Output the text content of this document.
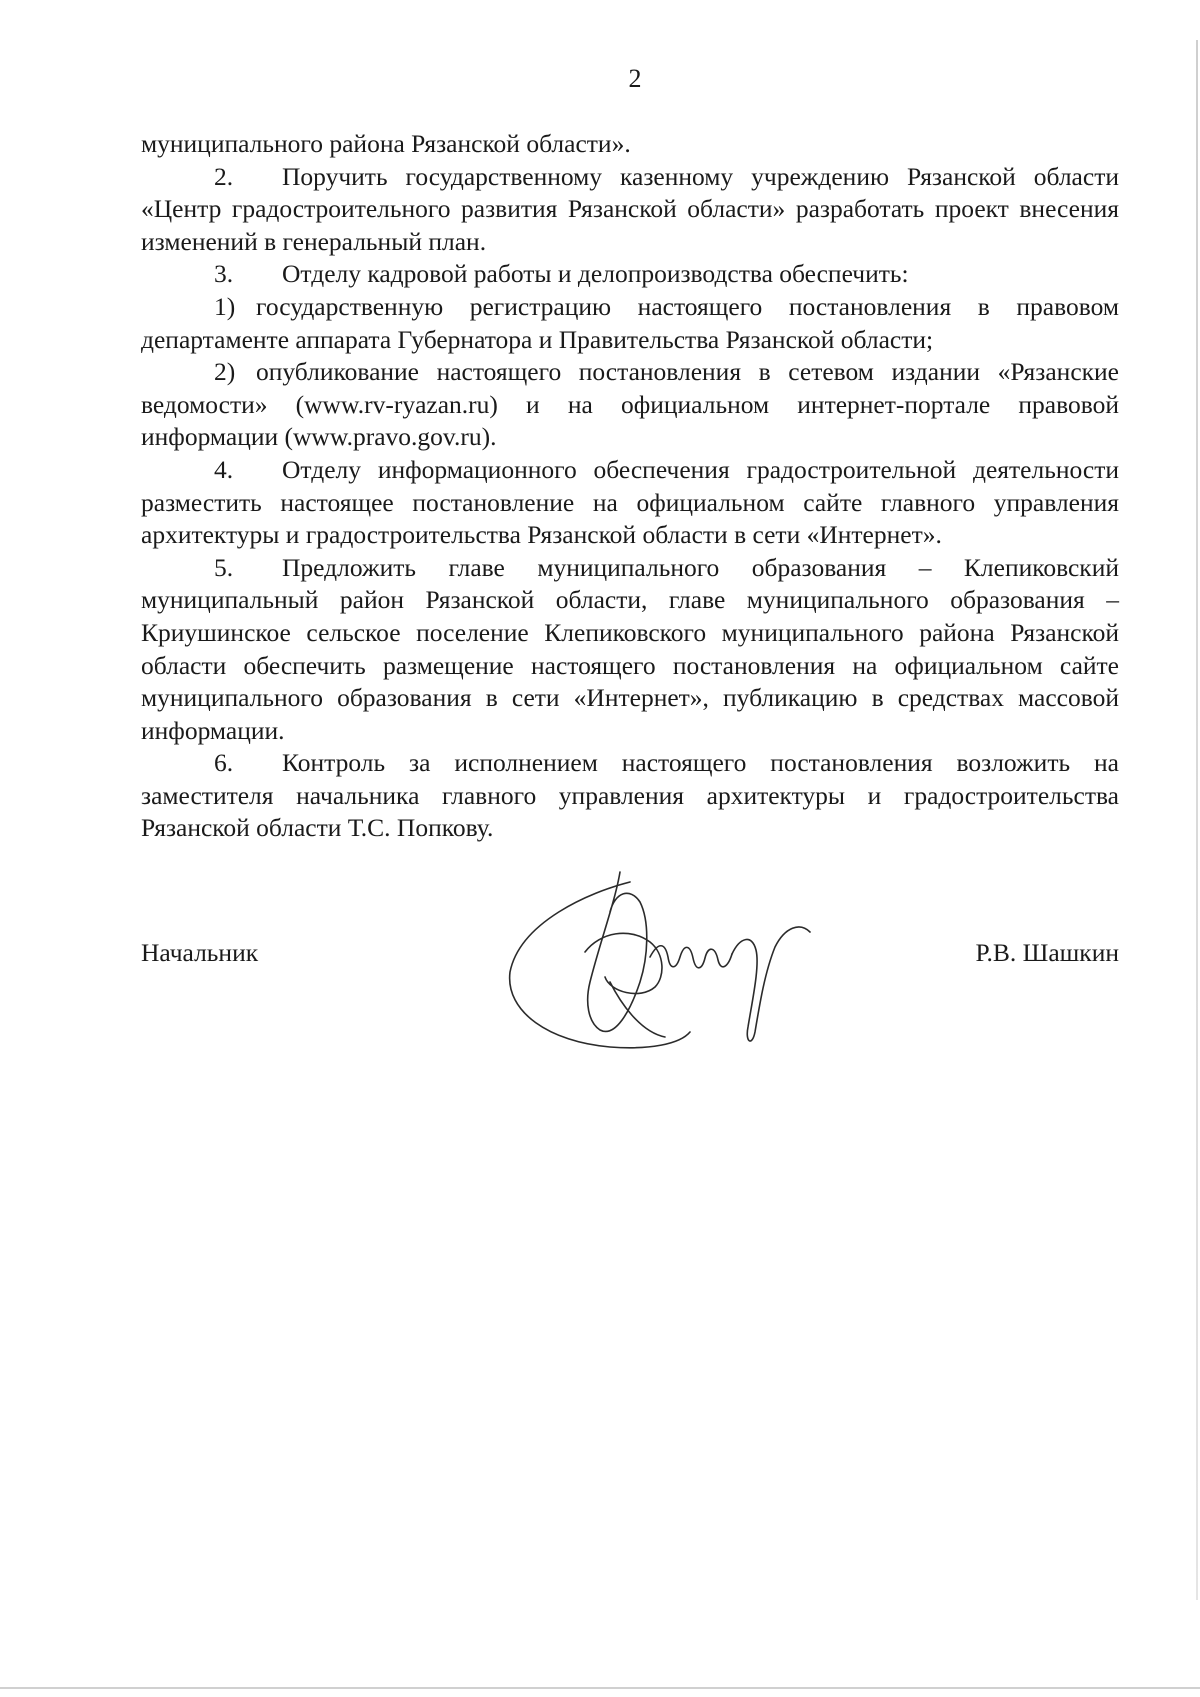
2

муниципального района Рязанской области».

2. Поручить государственному казенному учреждению Рязанской области «Центр градостроительного развития Рязанской области» разработать проект внесения изменений в генеральный план.

3. Отделу кадровой работы и делопроизводства обеспечить:

1) государственную регистрацию настоящего постановления в правовом департаменте аппарата Губернатора и Правительства Рязанской области;

2) опубликование настоящего постановления в сетевом издании «Рязанские ведомости» (www.rv-ryazan.ru) и на официальном интернет-портале правовой информации (www.pravo.gov.ru).

4. Отделу информационного обеспечения градостроительной деятельности разместить настоящее постановление на официальном сайте главного управления архитектуры и градостроительства Рязанской области в сети «Интернет».

5. Предложить главе муниципального образования – Клепиковский муниципальный район Рязанской области, главе муниципального образования – Криушинское сельское поселение Клепиковского муниципального района Рязанской области обеспечить размещение настоящего постановления на официальном сайте муниципального образования в сети «Интернет», публикацию в средствах массовой информации.

6. Контроль за исполнением настоящего постановления возложить на заместителя начальника главного управления архитектуры и градостроительства Рязанской области Т.С. Попкову.

Начальник	Р.В. Шашкин
